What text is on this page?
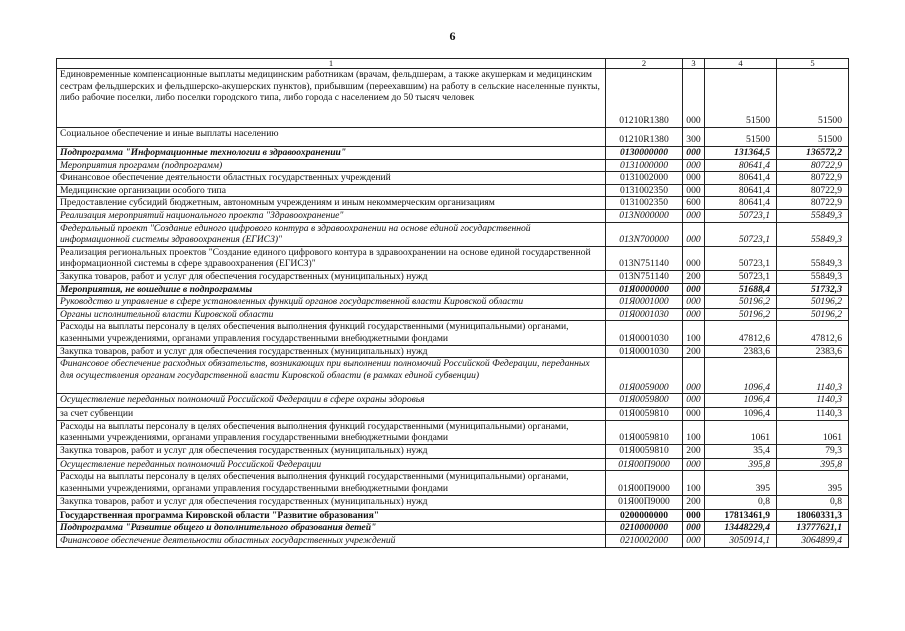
6
1	2	3	4	5
Единовременные компенсационные выплаты медицинским работникам (врачам, фельдшерам, а также акушеркам и медицинским сестрам фельдшерских и фельдшерско-акушерских пунктов), прибывшим (переехавшим) на работу в сельские населенные пункты, либо рабочие поселки, либо поселки городского типа, либо города с населением до 50 тысяч человек	01210R1380	000	51500	51500
Социальное обеспечение и иные выплаты населению	01210R1380	300	51500	51500
Подпрограмма "Информационные технологии в здравоохранении"	0130000000	000	131364,5	136572,2
Мероприятия программ (подпрограмм)	0131000000	000	80641,4	80722,9
Финансовое обеспечение деятельности областных государственных учреждений	0131002000	000	80641,4	80722,9
Медицинские организации особого типа	0131002350	000	80641,4	80722,9
Предоставление субсидий бюджетным, автономным учреждениям и иным некоммерческим организациям	0131002350	600	80641,4	80722,9
Реализация мероприятий национального проекта "Здравоохранение"	013N000000	000	50723,1	55849,3
Федеральный проект "Создание единого цифрового контура в здравоохранении на основе единой государственной информационной системы здравоохранения (ЕГИСЗ)"	013N700000	000	50723,1	55849,3
Реализация региональных проектов "Создание единого цифрового контура в здравоохранении на основе единой государственной информационной системы в сфере здравоохранения (ЕГИСЗ)"	013N751140	000	50723,1	55849,3
Закупка товаров, работ и услуг для обеспечения государственных (муниципальных) нужд	013N751140	200	50723,1	55849,3
Мероприятия, не вошедшие в подпрограммы	01Я0000000	000	51688,4	51732,3
Руководство и управление в сфере установленных функций органов государственной власти Кировской области	01Я0001000	000	50196,2	50196,2
Органы исполнительной власти Кировской области	01Я0001030	000	50196,2	50196,2
Расходы на выплаты персоналу в целях обеспечения выполнения функций государственными (муниципальными) органами, казенными учреждениями, органами управления государственными внебюджетными фондами	01Я0001030	100	47812,6	47812,6
Закупка товаров, работ и услуг для обеспечения государственных (муниципальных) нужд	01Я0001030	200	2383,6	2383,6
Финансовое обеспечение расходных обязательств, возникающих при выполнении полномочий Российской Федерации, переданных для осуществления органам государственной власти Кировской области (в рамках единой субвенции)	01Я0059000	000	1096,4	1140,3
Осуществление переданных полномочий Российской Федерации в сфере охраны здоровья	01Я0059800	000	1096,4	1140,3
за счет субвенции	01Я0059810	000	1096,4	1140,3
Расходы на выплаты персоналу в целях обеспечения выполнения функций государственными (муниципальными) органами, казенными учреждениями, органами управления государственными внебюджетными фондами	01Я0059810	100	1061	1061
Закупка товаров, работ и услуг для обеспечения государственных (муниципальных) нужд	01Я0059810	200	35,4	79,3
Осуществление переданных полномочий Российской Федерации	01Я00П9000	000	395,8	395,8
Расходы на выплаты персоналу в целях обеспечения выполнения функций государственными (муниципальными) органами, казенными учреждениями, органами управления государственными внебюджетными фондами	01Я00П9000	100	395	395
Закупка товаров, работ и услуг для обеспечения государственных (муниципальных) нужд	01Я00П9000	200	0,8	0,8
Государственная программа Кировской области "Развитие образования"	0200000000	000	17813461,9	18060331,3
Подпрограмма "Развитие общего и дополнительного образования детей"	0210000000	000	13448229,4	13777621,1
Финансовое обеспечение деятельности областных государственных учреждений	0210002000	000	3050914,1	3064899,4
